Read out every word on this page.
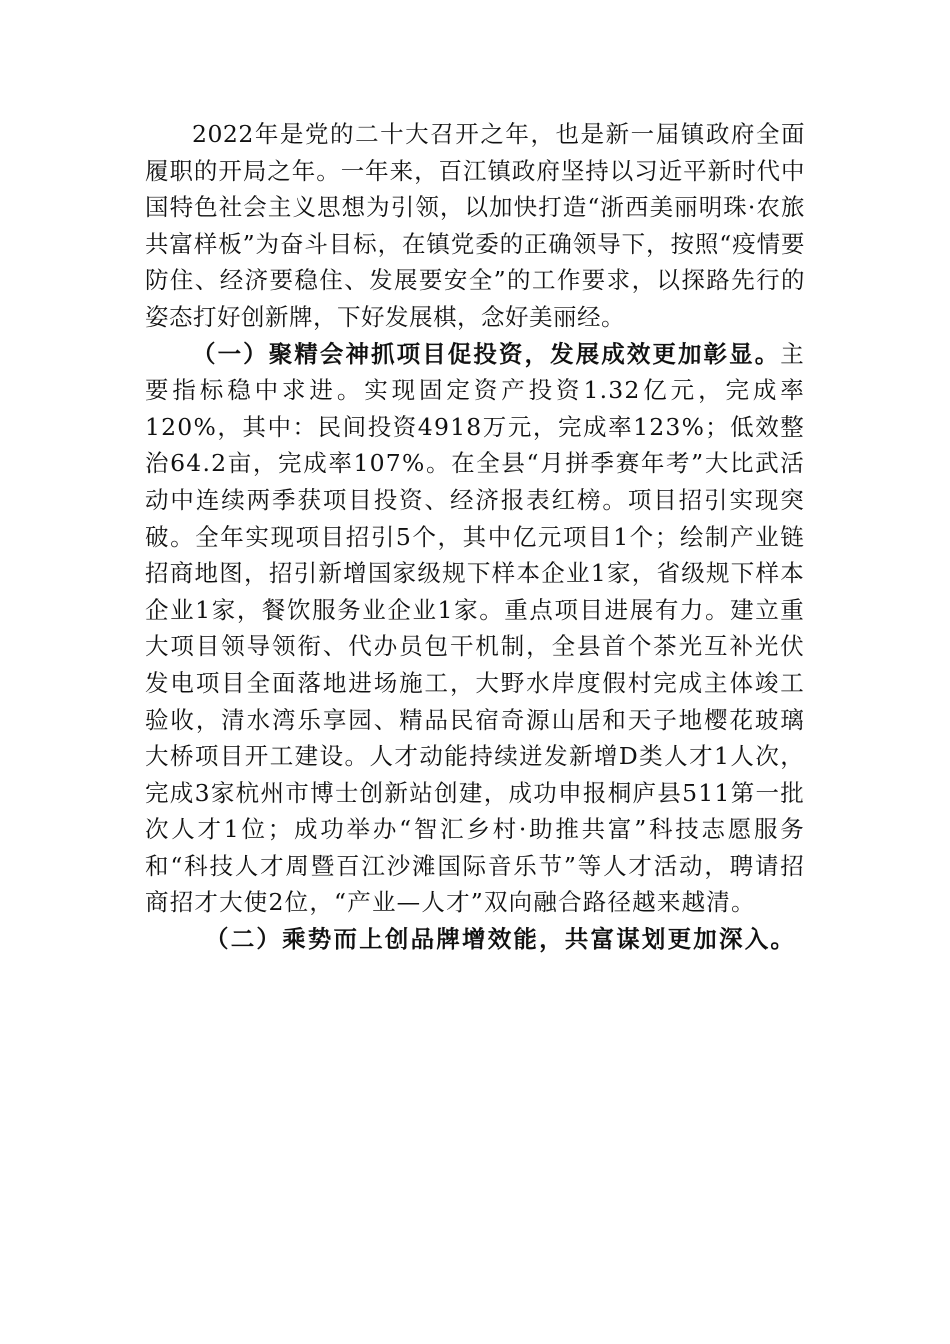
2022年是党的二十大召开之年，也是新一届镇政府全面履职的开局之年。一年来，百江镇政府坚持以习近平新时代中国特色社会主义思想为引领，以加快打造“浙西美丽明珠·农旅共富样板”为奋斗目标，在镇党委的正确领导下，按照“疫情要防住、经济要稳住、发展要安全”的工作要求，以探路先行的姿态打好创新牌，下好发展棋，念好美丽经。

（一）聚精会神抓项目促投资，发展成效更加彰显。主要指标稳中求进。实现固定资产投资1.32亿元，完成率120%，其中：民间投资4918万元，完成率123%；低效整治64.2亩，完成率107%。在全县“月拼季赛年考”大比武活动中连续两季获项目投资、经济报表红榜。项目招引实现突破。全年实现项目招引5个，其中亿元项目1个；绘制产业链招商地图，招引新增国家级规下样本企业1家，省级规下样本企业1家，餐饮服务业企业1家。重点项目进展有力。建立重大项目领导领衔、代办员包干机制，全县首个茶光互补光伏发电项目全面落地进场施工，大野水岸度假村完成主体竣工验收，清水湾乐享园、精品民宿奇源山居和天子地樱花玻璃大桥项目开工建设。人才动能持续迸发新增D类人才1人次，完成3家杭州市博士创新站创建，成功申报桐庐县511第一批次人才1位；成功举办“智汇乡村·助推共富”科技志愿服务和“科技人才周暨百江沙滩国际音乐节”等人才活动，聘请招商招才大使2位，“产业—人才”双向融合路径越来越清。

（二）乘势而上创品牌增效能，共富谋划更加深入。
